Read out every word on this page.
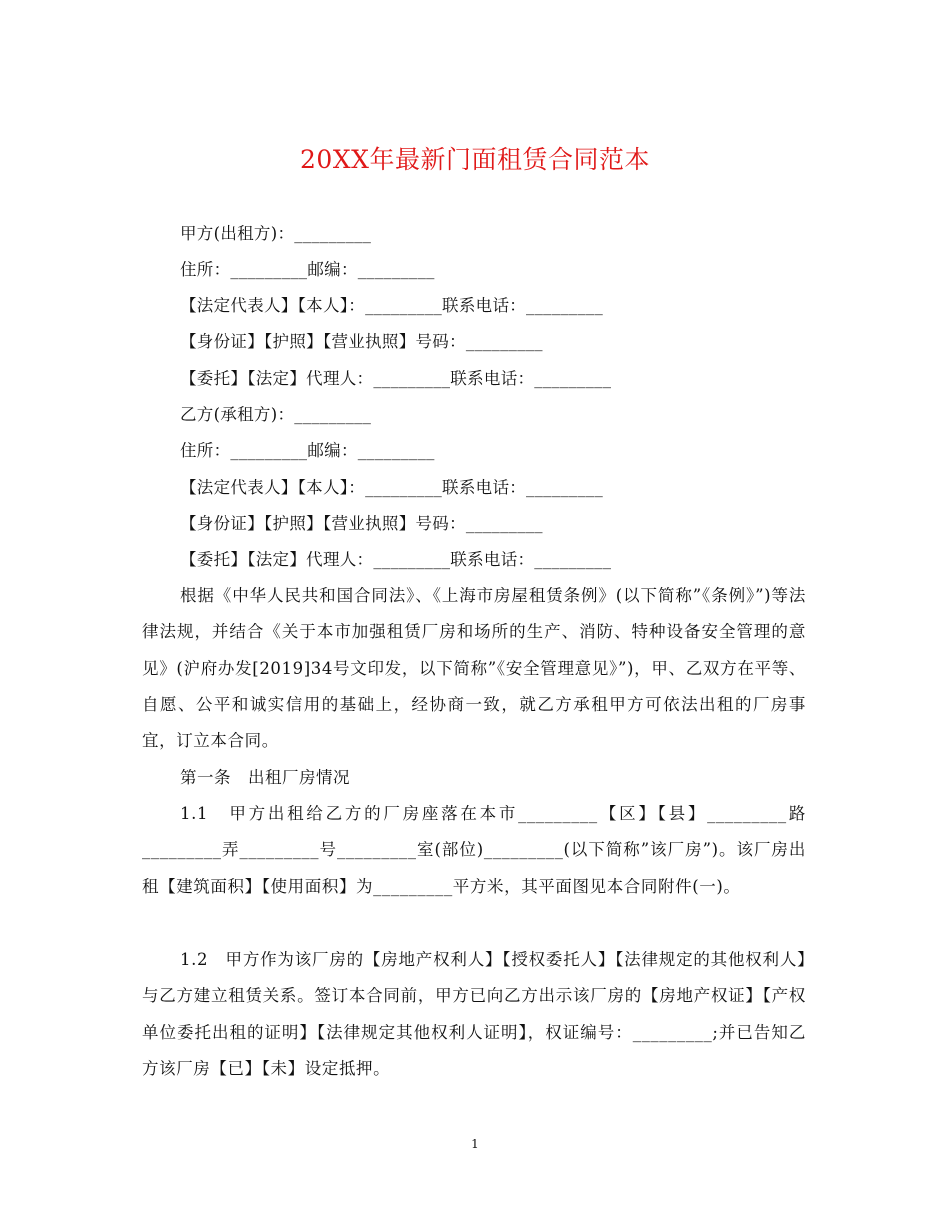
20XX年最新门面租赁合同范本
甲方(出租方)：_________
住所：_________邮编：_________
【法定代表人】【本人】：_________联系电话：_________
【身份证】【护照】【营业执照】号码：_________
【委托】【法定】代理人：_________联系电话：_________
乙方(承租方)：_________
住所：_________邮编：_________
【法定代表人】【本人】：_________联系电话：_________
【身份证】【护照】【营业执照】号码：_________
【委托】【法定】代理人：_________联系电话：_________
根据《中华人民共和国合同法》、《上海市房屋租赁条例》(以下简称”《条例》”)等法律法规，并结合《关于本市加强租赁厂房和场所的生产、消防、特种设备安全管理的意见》(沪府办发[2019]34号文印发，以下简称”《安全管理意见》”)，甲、乙双方在平等、自愿、公平和诚实信用的基础上，经协商一致，就乙方承租甲方可依法出租的厂房事宜，订立本合同。
第一条　出租厂房情况
1.1　甲方出租给乙方的厂房座落在本市_________【区】【县】_________路_________弄_________号_________室(部位)_________(以下简称”该厂房”)。该厂房出租【建筑面积】【使用面积】为_________平方米，其平面图见本合同附件(一)。
1.2　甲方作为该厂房的【房地产权利人】【授权委托人】【法律规定的其他权利人】与乙方建立租赁关系。签订本合同前，甲方已向乙方出示该厂房的【房地产权证】【产权单位委托出租的证明】【法律规定其他权利人证明】，权证编号：_________;并已告知乙方该厂房【已】【未】设定抵押。
1
